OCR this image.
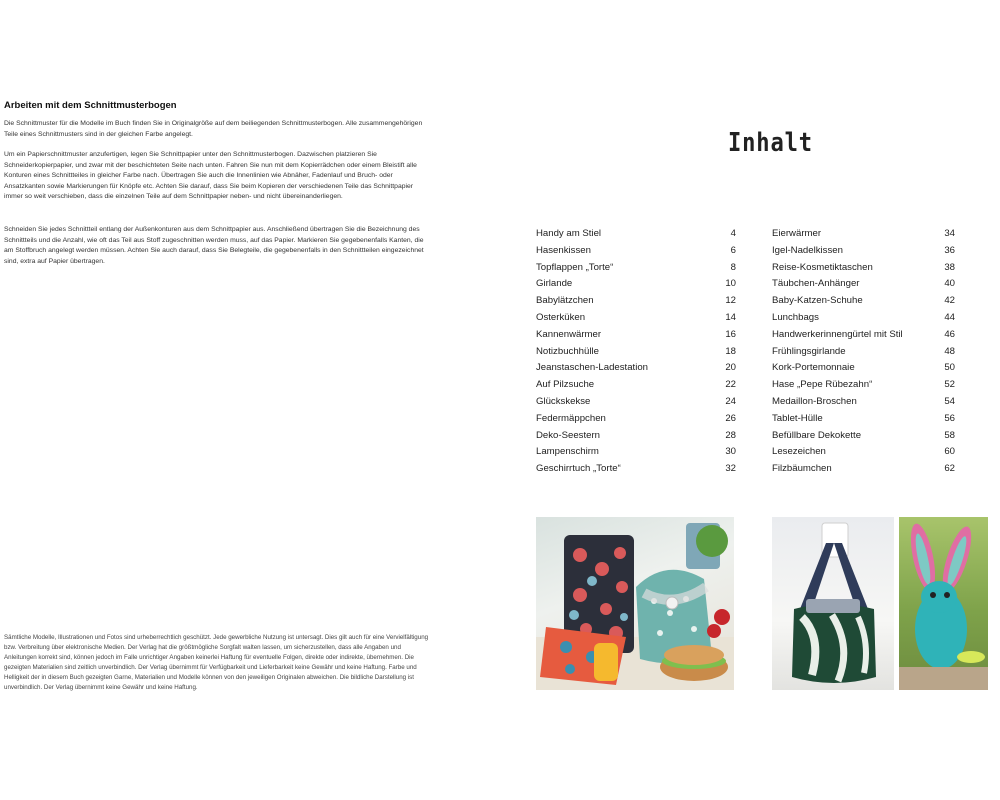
Arbeiten mit dem Schnittmusterbogen

Die Schnittmuster für die Modelle im Buch finden Sie in Originalgröße auf dem beiliegenden Schnittmusterbogen. Alle zusammengehörigen Teile eines Schnittmusters sind in der gleichen Farbe angelegt.

Um ein Papierschnittmuster anzufertigen, legen Sie Schnittpapier unter den Schnittmusterbogen. Dazwischen platzieren Sie Schneiderkopierpapier, und zwar mit der beschichteten Seite nach unten. Fahren Sie nun mit dem Kopierrädchen oder einem Bleistift alle Konturen eines Schnittteiles in gleicher Farbe nach. Übertragen Sie auch die Innenlinien wie Abnäher, Fadenlauf und Bruch- oder Ansatzkanten sowie Markierungen für Knöpfe etc. Achten Sie darauf, dass Sie beim Kopieren der verschiedenen Teile das Schnittpapier immer so weit verschieben, dass die einzelnen Teile auf dem Schnittpapier neben- und nicht übereinanderliegen.

Schneiden Sie jedes Schnittteil entlang der Außenkonturen aus dem Schnittpapier aus. Anschließend übertragen Sie die Bezeichnung des Schnittteils und die Anzahl, wie oft das Teil aus Stoff zugeschnitten werden muss, auf das Papier. Markieren Sie gegebenenfalls Kanten, die am Stoffbruch angelegt werden müssen. Achten Sie auch darauf, dass Sie Belegteile, die gegebenenfalls in den Schnittteilen eingezeichnet sind, extra auf Papier übertragen.

Sämtliche Modelle, Illustrationen und Fotos sind urheberrechtlich geschützt. Jede gewerbliche Nutzung ist untersagt. Dies gilt auch für eine Vervielfältigung bzw. Verbreitung über elektronische Medien. Der Verlag hat die größtmögliche Sorgfalt walten lassen, um sicherzustellen, dass alle Angaben und Anleitungen korrekt sind, können jedoch im Falle unrichtiger Angaben keinerlei Haftung für eventuelle Folgen, direkte oder indirekte, übernehmen. Die gezeigten Materialien sind zeitlich unverbindlich. Der Verlag übernimmt für Verfügbarkeit und Lieferbarkeit keine Gewähr und keine Haftung. Farbe und Helligkeit der in diesem Buch gezeigten Garne, Materialien und Modelle können von den jeweiligen Originalen abweichen. Die bildliche Darstellung ist unverbindlich. Der Verlag übernimmt keine Gewähr und keine Haftung.
Inhalt
Handy am Stiel	4
Hasenkissen	6
Topflappen „Torte“	8
Girlande	10
Babylätzchen	12
Osterküken	14
Kannenwärmer	16
Notizbuchhülle	18
Jeanstaschen-Ladestation	20
Auf Pilzsuche	22
Glückskekse	24
Federmäppchen	26
Deko-Seestern	28
Lampenschirm	30
Geschirrtuch „Torte“	32
Eierwärmer	34
Igel-Nadelkissen	36
Reise-Kosmetiktaschen	38
Täubchen-Anhänger	40
Baby-Katzen-Schuhe	42
Lunchbags	44
Handwerkerinnengürtel mit Stil	46
Frühlingsgirlande	48
Kork-Portemonnaie	50
Hase „Pepe Rübezahn“	52
Medaillon-Broschen	54
Tablet-Hülle	56
Befüllbare Dekokette	58
Lesezeichen	60
Filzbäumchen	62
